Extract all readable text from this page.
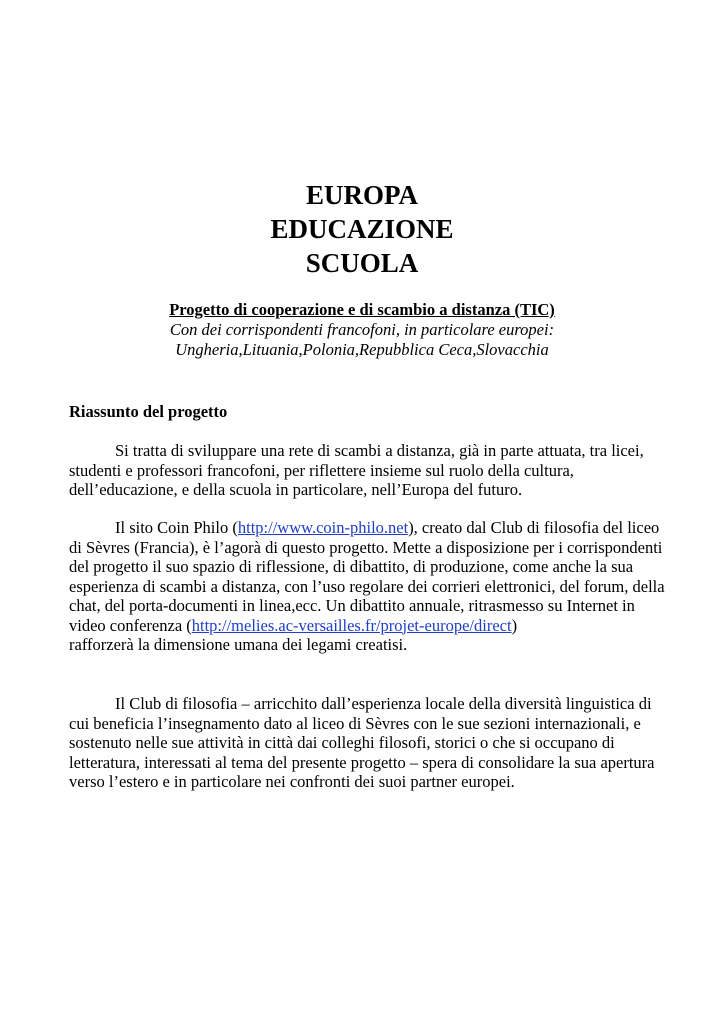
EUROPA
EDUCAZIONE
SCUOLA
Progetto di cooperazione e di scambio a distanza (TIC)
Con dei corrispondenti francofoni, in particolare europei:
Ungheria,Lituania,Polonia,Repubblica Ceca,Slovacchia
Riassunto del progetto

Si tratta di sviluppare una rete di scambi a distanza, già in parte attuata, tra licei, studenti e professori francofoni, per riflettere insieme sul ruolo della cultura, dell’educazione, e della scuola in particolare, nell’Europa del futuro.

Il sito Coin Philo (http://www.coin-philo.net), creato dal Club di filosofia del liceo di Sèvres (Francia), è l’agorà di questo progetto. Mette a disposizione per i corrispondenti del progetto il suo spazio di riflessione, di dibattito, di produzione, come anche la sua esperienza di scambi a distanza, con l’uso regolare dei corrieri elettronici, del forum, della chat, del porta-documenti in linea,ecc. Un dibattito annuale, ritrasmesso su Internet in video conferenza (http://melies.ac-versailles.fr/projet-europe/direct)
rafforzerà la dimensione umana dei legami creatisi.

Il Club di filosofia – arricchito dall’esperienza locale della diversità linguistica di cui beneficia l’insegnamento dato al liceo di Sèvres con le sue sezioni internazionali, e sostenuto nelle sue attività in città dai colleghi filosofi, storici o che si occupano di letteratura, interessati al tema del presente progetto – spera di consolidare la sua apertura verso l’estero e in particolare nei confronti dei suoi partner europei.
